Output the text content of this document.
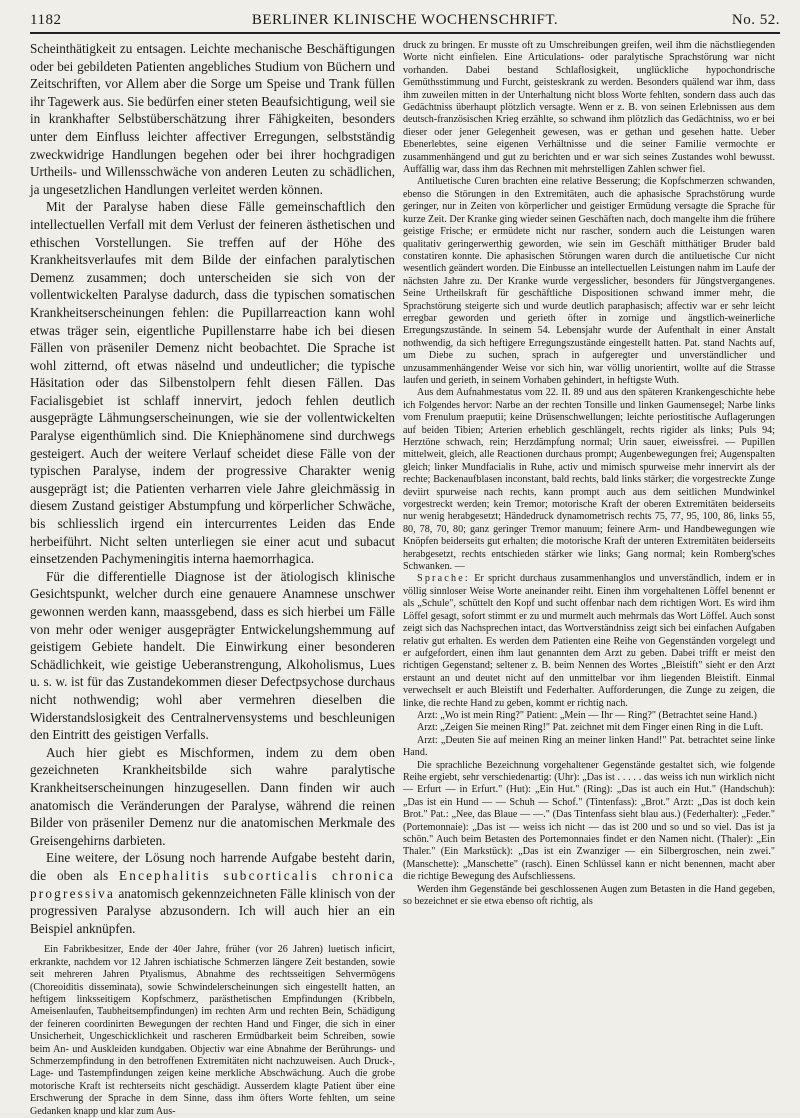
1182	BERLINER KLINISCHE WOCHENSCHRIFT.	No. 52.

Scheinthätigkeit zu entsagen. Leichte mechanische Beschäftigungen oder bei gebildeten Patienten angebliches Studium von Büchern und Zeitschriften, vor Allem aber die Sorge um Speise und Trank füllen ihr Tagewerk aus. Sie bedürfen einer steten Beaufsichtigung, weil sie in krankhafter Selbstüberschätzung ihrer Fähigkeiten, besonders unter dem Einfluss leichter affectiver Erregungen, selbstständig zweckwidrige Handlungen begehen oder bei ihrer hochgradigen Urtheils- und Willensschwäche von anderen Leuten zu schädlichen, ja ungesetzlichen Handlungen verleitet werden können.

Mit der Paralyse haben diese Fälle gemeinschaftlich den intellectuellen Verfall mit dem Verlust der feineren ästhetischen und ethischen Vorstellungen. Sie treffen auf der Höhe des Krankheitsverlaufes mit dem Bilde der einfachen paralytischen Demenz zusammen; doch unterscheiden sie sich von der vollentwickelten Paralyse dadurch, dass die typischen somatischen Krankheitserscheinungen fehlen: die Pupillarreaction kann wohl etwas träger sein, eigentliche Pupillenstarre habe ich bei diesen Fällen von präseniler Demenz nicht beobachtet. Die Sprache ist wohl zitternd, oft etwas näselnd und undeutlicher; die typische Häsitation oder das Silbenstolpern fehlt diesen Fällen. Das Facialisgebiet ist schlaff innervirt, jedoch fehlen deutlich ausgeprägte Lähmungserscheinungen, wie sie der vollentwickelten Paralyse eigenthümlich sind. Die Kniephänomene sind durchwegs gesteigert. Auch der weitere Verlauf scheidet diese Fälle von der typischen Paralyse, indem der progressive Charakter wenig ausgeprägt ist; die Patienten verharren viele Jahre gleichmässig in diesem Zustand geistiger Abstumpfung und körperlicher Schwäche, bis schliesslich irgend ein intercurrentes Leiden das Ende herbeiführt. Nicht selten unterliegen sie einer acut und subacut einsetzenden Pachymeningitis interna haemorrhagica.

Für die differentielle Diagnose ist der ätiologisch klinische Gesichtspunkt, welcher durch eine genauere Anamnese unschwer gewonnen werden kann, maassgebend, dass es sich hierbei um Fälle von mehr oder weniger ausgeprägter Entwickelungshemmung auf geistigem Gebiete handelt. Die Einwirkung einer besonderen Schädlichkeit, wie geistige Ueberanstrengung, Alkoholismus, Lues u. s. w. ist für das Zustandekommen dieser Defectpsychose durchaus nicht nothwendig; wohl aber vermehren dieselben die Widerstandslosigkeit des Centralnervensystems und beschleunigen den Eintritt des geistigen Verfalls.

Auch hier giebt es Mischformen, indem zu dem oben gezeichneten Krankheitsbilde sich wahre paralytische Krankheitserscheinungen hinzugesellen. Dann finden wir auch anatomisch die Veränderungen der Paralyse, während die reinen Bilder von präseniler Demenz nur die anatomischen Merkmale des Greisengehirns darbieten.

Eine weitere, der Lösung noch harrende Aufgabe besteht darin, die oben als Encephalitis subcorticalis chronica progressiva anatomisch gekennzeichneten Fälle klinisch von der progressiven Paralyse abzusondern. Ich will auch hier an ein Beispiel anknüpfen.

Ein Fabrikbesitzer, Ende der 40er Jahre, früher (vor 26 Jahren) luetisch inficirt, erkrankte, nachdem vor 12 Jahren ischiatische Schmerzen längere Zeit bestanden, sowie seit mehreren Jahren Ptyalismus, Abnahme des rechtsseitigen Sehvermögens (Choreoiditis disseminata), sowie Schwindelerscheinungen sich eingestellt hatten, an heftigem linksseitigem Kopfschmerz, parästhetischen Empfindungen (Kribbeln, Ameisenlaufen, Taubheitsempfindungen) im rechten Arm und rechten Bein, Schädigung der feineren coordinirten Bewegungen der rechten Hand und Finger, die sich in einer Unsicherheit, Ungeschicklichkeit und rascheren Ermüdbarkeit beim Schreiben, sowie beim An- und Auskleiden kundgaben. Objectiv war eine Abnahme der Berührungs- und Schmerzempfindung in den betroffenen Extremitäten nicht nachzuweisen. Auch Druck-, Lage- und Tastempfindungen zeigen keine merkliche Abschwächung. Auch die grobe motorische Kraft ist rechterseits nicht geschädigt. Ausserdem klagte Patient über eine Erschwerung der Sprache in dem Sinne, dass ihm öfters Worte fehlten, um seine Gedanken knapp und klar zum Aus-

druck zu bringen. Er musste oft zu Umschreibungen greifen, weil ihm die nächstliegenden Worte nicht einfielen. Eine Articulations- oder paralytische Sprachstörung war nicht vorhanden. Dabei bestand Schlaflosigkeit, unglückliche hypochondrische Gemüthsstimmung und Furcht, geisteskrank zu werden. Besonders quälend war ihm, dass ihm zuweilen mitten in der Unterhaltung nicht bloss Worte fehlten, sondern dass auch das Gedächtniss überhaupt plötzlich versagte. Wenn er z. B. von seinen Erlebnissen aus dem deutsch-französischen Krieg erzählte, so schwand ihm plötzlich das Gedächtniss, wo er bei dieser oder jener Gelegenheit gewesen, was er gethan und gesehen hatte. Ueber Ebenerlebtes, seine eigenen Verhältnisse und die seiner Familie vermochte er zusammenhängend und gut zu berichten und er war sich seines Zustandes wohl bewusst. Auffällig war, dass ihm das Rechnen mit mehrstelligen Zahlen schwer fiel.

Antiluetische Curen brachten eine relative Besserung; die Kopfschmerzen schwanden, ebenso die Störungen in den Extremitäten, auch die aphasische Sprachstörung wurde geringer, nur in Zeiten von körperlicher und geistiger Ermüdung versagte die Sprache für kurze Zeit. Der Kranke ging wieder seinen Geschäften nach, doch mangelte ihm die frühere geistige Frische; er ermüdete nicht nur rascher, sondern auch die Leistungen waren qualitativ geringerwerthig geworden, wie sein im Geschäft mitthätiger Bruder bald constatiren konnte. Die aphasischen Störungen waren durch die antiluetische Cur nicht wesentlich geändert worden. Die Einbusse an intellectuellen Leistungen nahm im Laufe der nächsten Jahre zu. Der Kranke wurde vergesslicher, besonders für Jüngstvergangenes. Seine Urtheilskraft für geschäftliche Dispositionen schwand immer mehr, die Sprachstörung steigerte sich und wurde deutlich paraphasisch; affectiv war er sehr leicht erregbar geworden und gerieth öfter in zornige und ängstlich-weinerliche Erregungszustände. In seinem 54. Lebensjahr wurde der Aufenthalt in einer Anstalt nothwendig, da sich heftigere Erregungszustände eingestellt hatten. Pat. stand Nachts auf, um Diebe zu suchen, sprach in aufgeregter und unverständlicher und unzusammenhängender Weise vor sich hin, war völlig unorientirt, wollte auf die Strasse laufen und gerieth, in seinem Vorhaben gehindert, in heftigste Wuth.

Aus dem Aufnahmestatus vom 22. II. 89 und aus den späteren Krankengeschichte hebe ich Folgendes hervor: Narbe an der rechten Tonsille und linken Gaumensegel; Narbe links vom Frenulum praeputii; keine Drüsenschwellungen; leichte periostitische Auflagerungen auf beiden Tibien; Arterien erheblich geschlängelt, rechts rigider als links; Puls 94; Herztöne schwach, rein; Herzdämpfung normal; Urin sauer, eiweissfrei. — Pupillen mittelweit, gleich, alle Reactionen durchaus prompt; Augenbewegungen frei; Augenspalten gleich; linker Mundfacialis in Ruhe, activ und mimisch spurweise mehr innervirt als der rechte; Backenaufblasen inconstant, bald rechts, bald links stärker; die vorgestreckte Zunge deviirt spurweise nach rechts, kann prompt auch aus dem seitlichen Mundwinkel vorgestreckt werden; kein Tremor; motorische Kraft der oberen Extremitäten beiderseits nur wenig herabgesetzt; Händedruck dynamometrisch rechts 75, 77, 95, 100, 86, links 55, 80, 78, 70, 80; ganz geringer Tremor manuum; feinere Arm- und Handbewegungen wie Knöpfen beiderseits gut erhalten; die motorische Kraft der unteren Extremitäten beiderseits herabgesetzt, rechts entschieden stärker wie links; Gang normal; kein Romberg'sches Schwanken. —

Sprache: Er spricht durchaus zusammenhanglos und unverständlich, indem er in völlig sinnloser Weise Worte aneinander reiht. Einen ihm vorgehaltenen Löffel benennt er als „Schule", schüttelt den Kopf und sucht offenbar nach dem richtigen Wort. Es wird ihm Löffel gesagt, sofort stimmt er zu und murmelt auch mehrmals das Wort Löffel. Auch sonst zeigt sich das Nachsprechen intact, das Wortverständniss zeigt sich bei einfachen Aufgaben relativ gut erhalten. Es werden dem Patienten eine Reihe von Gegenständen vorgelegt und er aufgefordert, einen ihm laut genannten dem Arzt zu geben. Dabei trifft er meist den richtigen Gegenstand; seltener z. B. beim Nennen des Wortes „Bleistift" sieht er den Arzt erstaunt an und deutet nicht auf den unmittelbar vor ihm liegenden Bleistift. Einmal verwechselt er auch Bleistift und Federhalter. Aufforderungen, die Zunge zu zeigen, die linke, die rechte Hand zu geben, kommt er richtig nach.

Arzt: „Wo ist mein Ring?" Patient: „Mein — Ihr — Ring?" (Betrachtet seine Hand.)

Arzt: „Zeigen Sie meinen Ring!" Pat. zeichnet mit dem Finger einen Ring in die Luft.

Arzt: „Deuten Sie auf meinen Ring an meiner linken Hand!" Pat. betrachtet seine linke Hand.

Die sprachliche Bezeichnung vorgehaltener Gegenstände gestaltet sich, wie folgende Reihe ergiebt, sehr verschiedenartig: (Uhr): „Das ist . . . . . das weiss ich nun wirklich nicht — Erfurt — in Erfurt." (Hut): „Ein Hut." (Ring): „Das ist auch ein Hut." (Handschuh): „Das ist ein Hund — — Schuh — Schof." (Tintenfass): „Brot." Arzt: „Das ist doch kein Brot." Pat.: „Nee, das Blaue — —." (Das Tintenfass sieht blau aus.) (Federhalter): „Feder." (Portemonnaie): „Das ist — weiss ich nicht — das ist 200 und so und so viel. Das ist ja schön." Auch beim Betasten des Portemonnaies findet er den Namen nicht. (Thaler): „Ein Thaler." (Ein Markstück): „Das ist ein Zwanziger — ein Silbergroschen, nein zwei." (Manschette): „Manschette" (rasch). Einen Schlüssel kann er nicht benennen, macht aber die richtige Bewegung des Aufschliessens.

Werden ihm Gegenstände bei geschlossenen Augen zum Betasten in die Hand gegeben, so bezeichnet er sie etwa ebenso oft richtig, als
